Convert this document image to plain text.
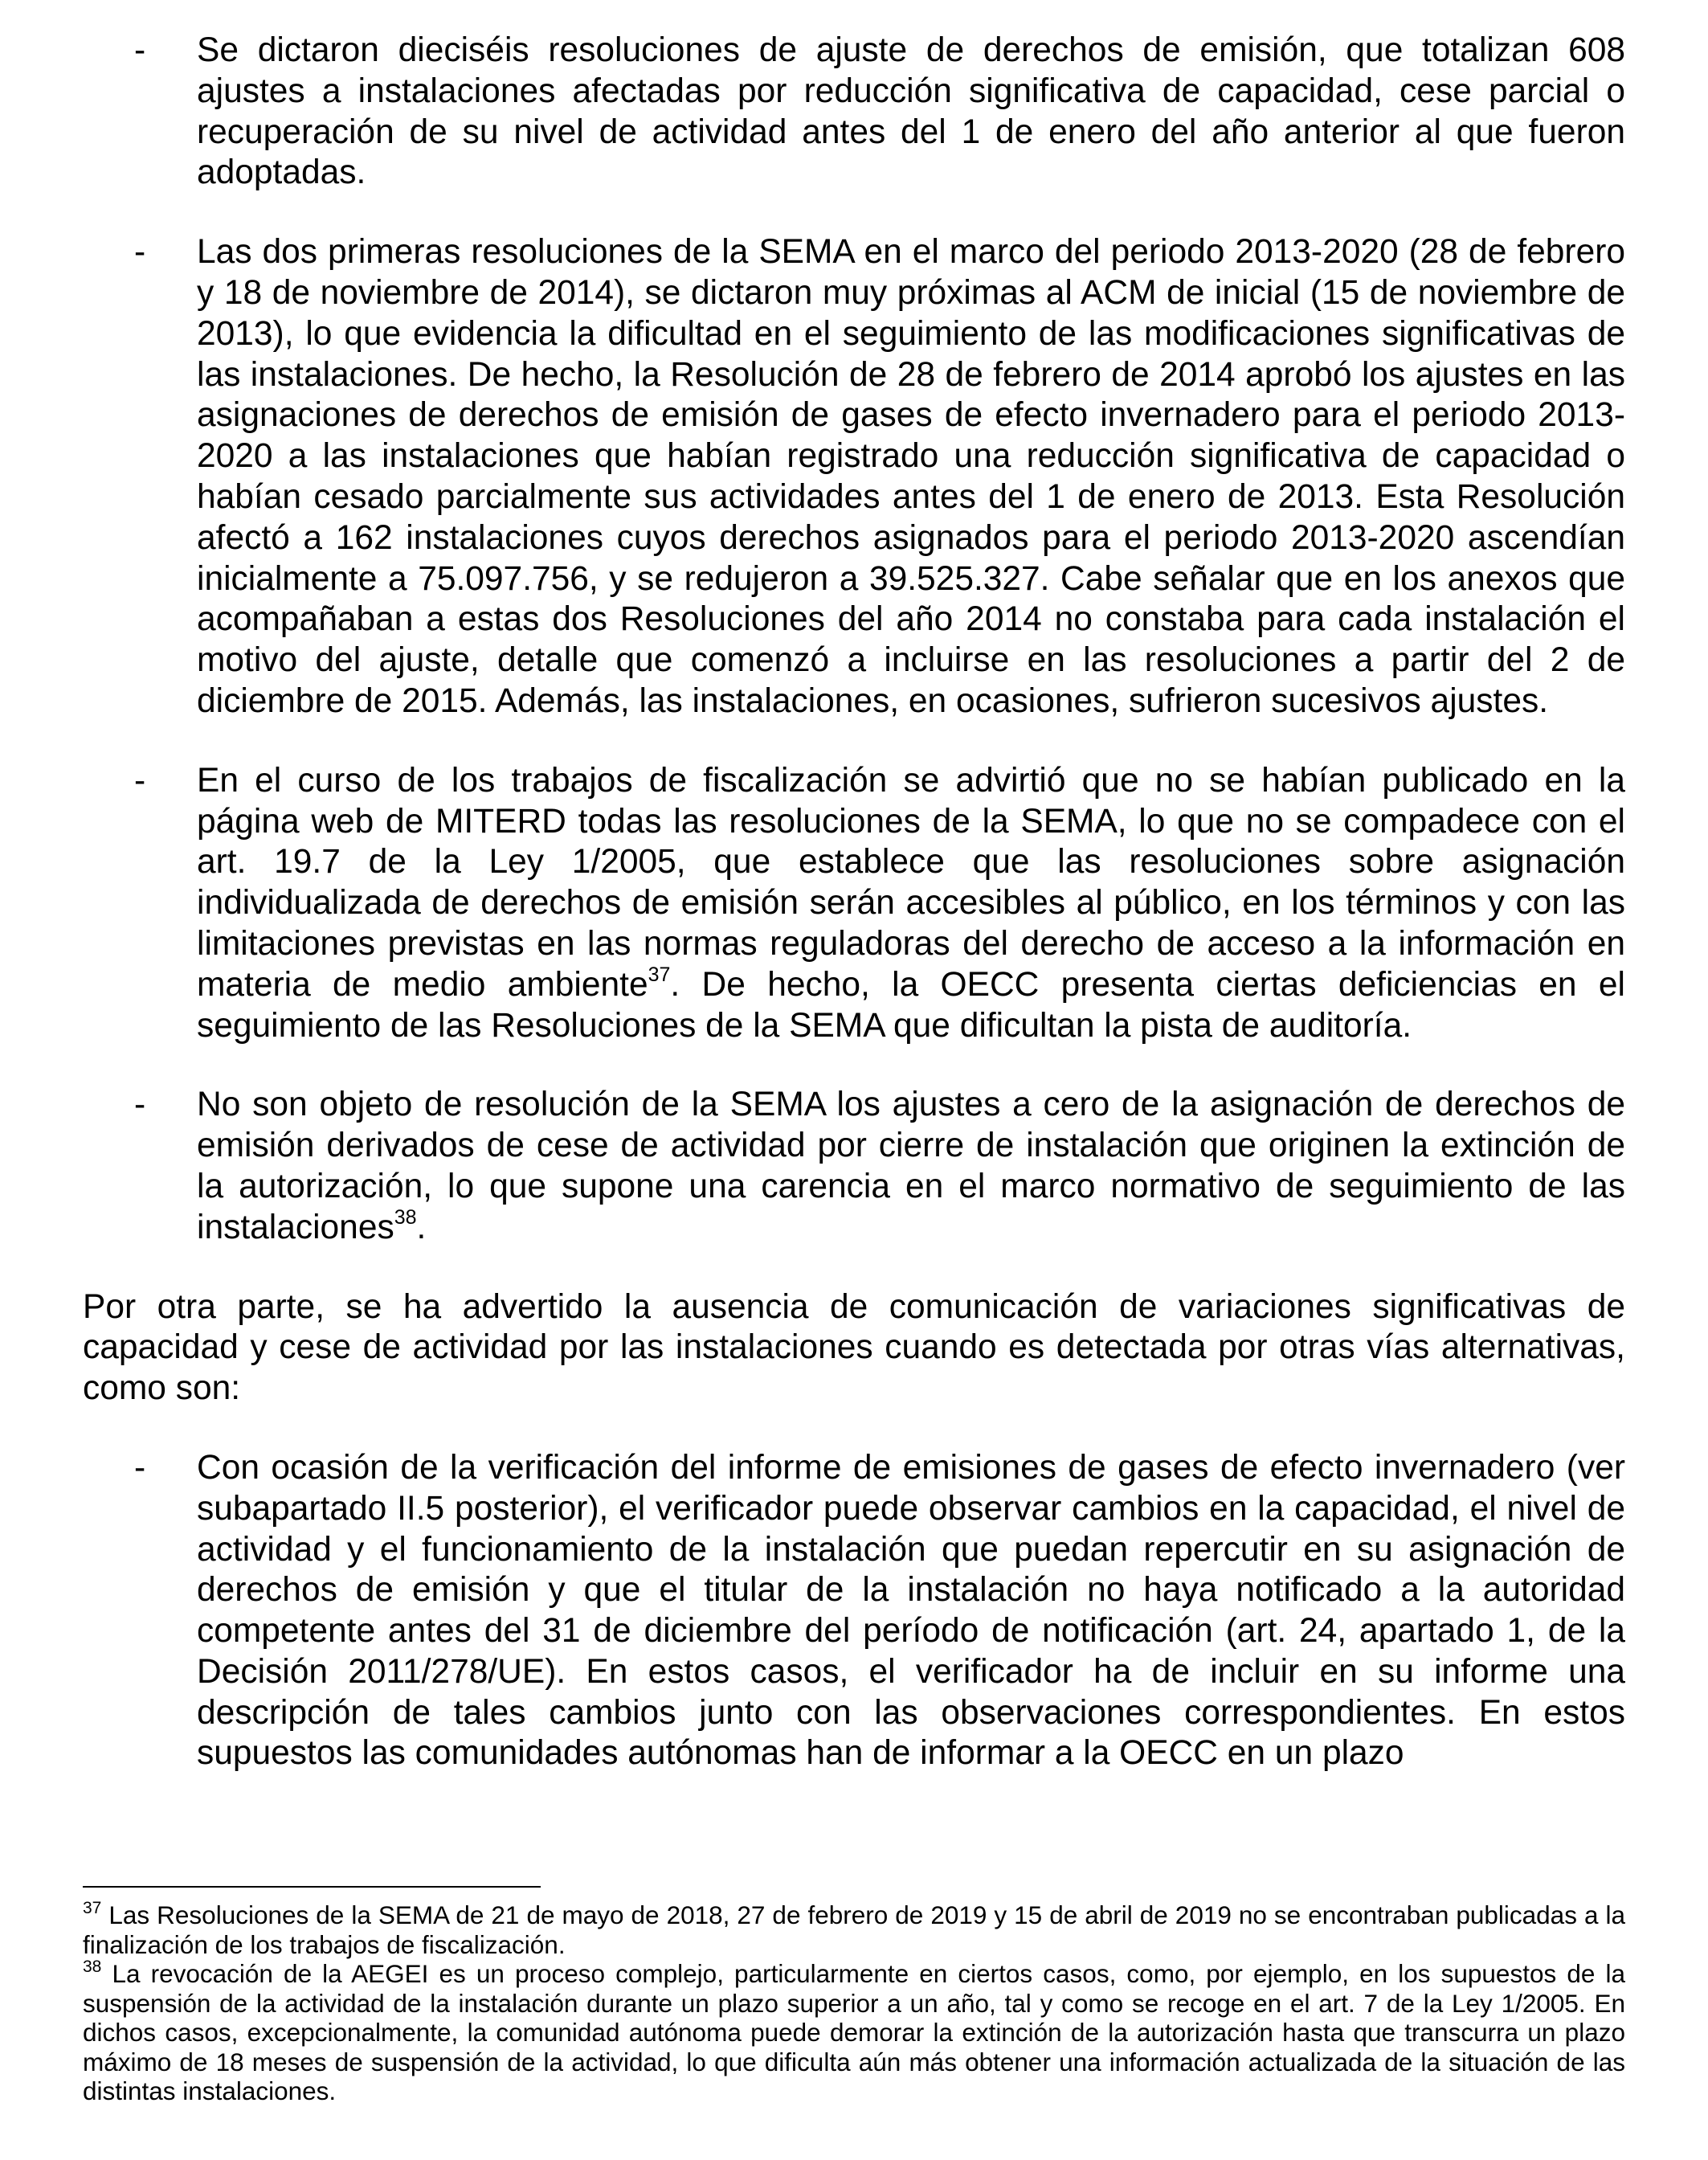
- Se dictaron dieciséis resoluciones de ajuste de derechos de emisión, que totalizan 608 ajustes a instalaciones afectadas por reducción significativa de capacidad, cese parcial o recuperación de su nivel de actividad antes del 1 de enero del año anterior al que fueron adoptadas.
- Las dos primeras resoluciones de la SEMA en el marco del periodo 2013-2020 (28 de febrero y 18 de noviembre de 2014), se dictaron muy próximas al ACM de inicial (15 de noviembre de 2013), lo que evidencia la dificultad en el seguimiento de las modificaciones significativas de las instalaciones. De hecho, la Resolución de 28 de febrero de 2014 aprobó los ajustes en las asignaciones de derechos de emisión de gases de efecto invernadero para el periodo 2013-2020 a las instalaciones que habían registrado una reducción significativa de capacidad o habían cesado parcialmente sus actividades antes del 1 de enero de 2013. Esta Resolución afectó a 162 instalaciones cuyos derechos asignados para el periodo 2013-2020 ascendían inicialmente a 75.097.756, y se redujeron a 39.525.327. Cabe señalar que en los anexos que acompañaban a estas dos Resoluciones del año 2014 no constaba para cada instalación el motivo del ajuste, detalle que comenzó a incluirse en las resoluciones a partir del 2 de diciembre de 2015. Además, las instalaciones, en ocasiones, sufrieron sucesivos ajustes.
- En el curso de los trabajos de fiscalización se advirtió que no se habían publicado en la página web de MITERD todas las resoluciones de la SEMA, lo que no se compadece con el art. 19.7 de la Ley 1/2005, que establece que las resoluciones sobre asignación individualizada de derechos de emisión serán accesibles al público, en los términos y con las limitaciones previstas en las normas reguladoras del derecho de acceso a la información en materia de medio ambiente$^{37}$. De hecho, la OECC presenta ciertas deficiencias en el seguimiento de las Resoluciones de la SEMA que dificultan la pista de auditoría.
- No son objeto de resolución de la SEMA los ajustes a cero de la asignación de derechos de emisión derivados de cese de actividad por cierre de instalación que originen la extinción de la autorización, lo que supone una carencia en el marco normativo de seguimiento de las instalaciones$^{38}$.

Por otra parte, se ha advertido la ausencia de comunicación de variaciones significativas de capacidad y cese de actividad por las instalaciones cuando es detectada por otras vías alternativas, como son:

- Con ocasión de la verificación del informe de emisiones de gases de efecto invernadero (ver subapartado II.5 posterior), el verificador puede observar cambios en la capacidad, el nivel de actividad y el funcionamiento de la instalación que puedan repercutir en su asignación de derechos de emisión y que el titular de la instalación no haya notificado a la autoridad competente antes del 31 de diciembre del período de notificación (art. 24, apartado 1, de la Decisión 2011/278/UE). En estos casos, el verificador ha de incluir en su informe una descripción de tales cambios junto con las observaciones correspondientes. En estos supuestos las comunidades autónomas han de informar a la OECC en un plazo

$^{37}$ Las Resoluciones de la SEMA de 21 de mayo de 2018, 27 de febrero de 2019 y 15 de abril de 2019 no se encontraban publicadas a la finalización de los trabajos de fiscalización.

$^{38}$ La revocación de la AEGEI es un proceso complejo, particularmente en ciertos casos, como, por ejemplo, en los supuestos de la suspensión de la actividad de la instalación durante un plazo superior a un año, tal y como se recoge en el art. 7 de la Ley 1/2005. En dichos casos, excepcionalmente, la comunidad autónoma puede demorar la extinción de la autorización hasta que transcurra un plazo máximo de 18 meses de suspensión de la actividad, lo que dificulta aún más obtener una información actualizada de la situación de las distintas instalaciones.
